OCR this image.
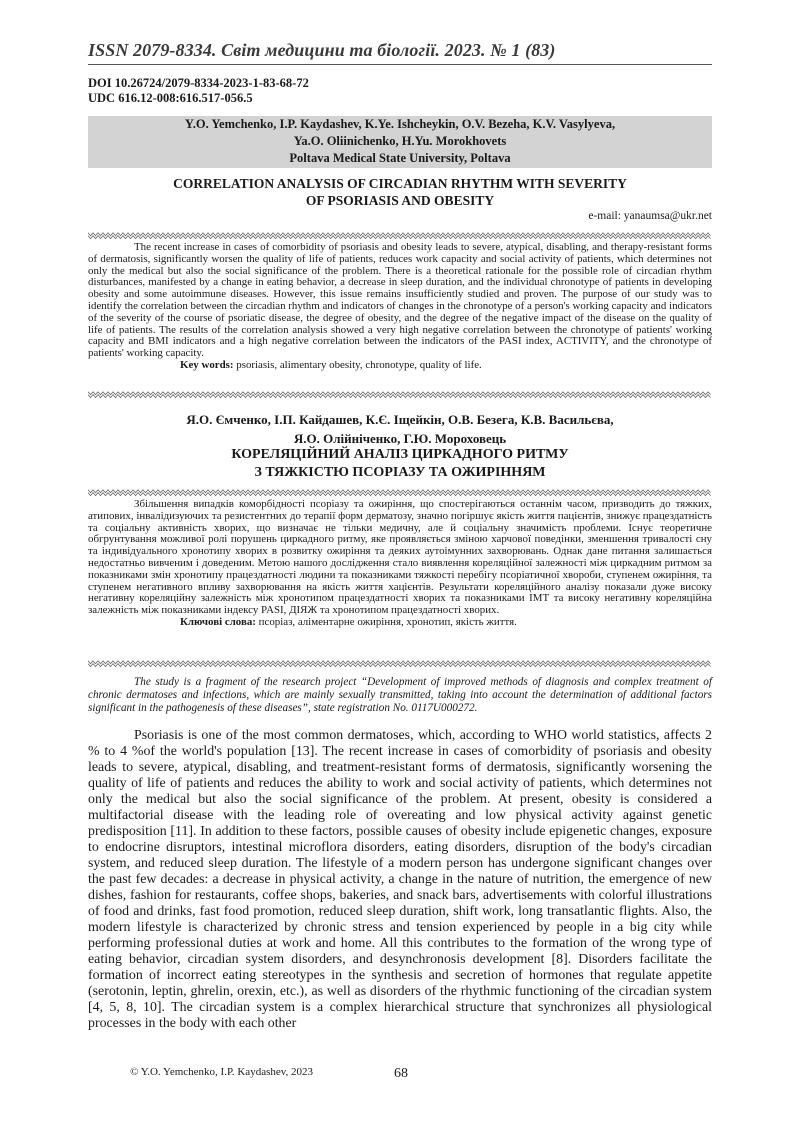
ISSN 2079-8334. Світ медицини та біології. 2023. № 1 (83)
DOI 10.26724/2079-8334-2023-1-83-68-72
UDC 616.12-008:616.517-056.5
Y.O. Yemchenko, I.P. Kaydashev, K.Ye. Ishcheykin, O.V. Bezeha, K.V. Vasylyeva,
Ya.O. Oliinichenko, H.Yu. Morokhovets
Poltava Medical State University, Poltava
CORRELATION ANALYSIS OF CIRCADIAN RHYTHM WITH SEVERITY
OF PSORIASIS AND OBESITY
e-mail: yanaumsa@ukr.net

The recent increase in cases of comorbidity of psoriasis and obesity leads to severe, atypical, disabling, and therapy-resistant forms of dermatosis, significantly worsen the quality of life of patients, reduces work capacity and social activity of patients, which determines not only the medical but also the social significance of the problem. There is a theoretical rationale for the possible role of circadian rhythm disturbances, manifested by a change in eating behavior, a decrease in sleep duration, and the individual chronotype of patients in developing obesity and some autoimmune diseases. However, this issue remains insufficiently studied and proven. The purpose of our study was to identify the correlation between the circadian rhythm and indicators of changes in the chronotype of a person's working capacity and indicators of the severity of the course of psoriatic disease, the degree of obesity, and the degree of the negative impact of the disease on the quality of life of patients. The results of the correlation analysis showed a very high negative correlation between the chronotype of patients' working capacity and BMI indicators and a high negative correlation between the indicators of the PASI index, ACTIVITY, and the chronotype of patients' working capacity.

Key words: psoriasis, alimentary obesity, chronotype, quality of life.

Я.О. Ємченко, І.П. Кайдашев, К.Є. Іщейкін, О.В. Безега, К.В. Васильєва,
Я.О. Олійніченко, Г.Ю. Мороховець
КОРЕЛЯЦІЙНИЙ АНАЛІЗ ЦИРКАДНОГО РИТМУ
З ТЯЖКІСТЮ ПСОРІАЗУ ТА ОЖИРІННЯМ

Збільшення випадків коморбідності псоріазу та ожиріння, що спостерігаються останнім часом, призводить до тяжких, атипових, інвалідизуючих та резистентних до терапії форм дерматозу, значно погіршує якість життя пацієнтів, знижує працездатність та соціальну активність хворих, що визначає не тільки медичну, але й соціальну значимість проблеми. Існує теоретичне обгрунтування можливої ролі порушень циркадного ритму, яке проявляється зміною харчової поведінки, зменшення тривалості сну та індивідуального хронотипу хворих в розвитку ожиріння та деяких аутоімунних захворювань. Однак дане питання залишається недостатньо вивченим і доведеним. Метою нашого дослідження стало виявлення кореляційної залежності між циркадним ритмом за показниками змін хронотипу працездатності людини та показниками тяжкості перебігу псоріатичної хвороби, ступенем ожиріння, та ступенем негативного впливу захворювання на якість життя хацієнтів. Результати кореляційного аналізу показали дуже високу негативну кореляційну залежність між хронотипом працездатності хворих та показниками ІМТ та високу негативну кореляційна залежність між показниками індексу PASI, ДІЯЖ та хронотипом працездатності хворих.

Ключові слова: псоріаз, аліментарне ожиріння, хронотип, якість життя.

The study is a fragment of the research project “Development of improved methods of diagnosis and complex treatment of chronic dermatoses and infections, which are mainly sexually transmitted, taking into account the determination of additional factors significant in the pathogenesis of these diseases”, state registration No. 0117U000272.

Psoriasis is one of the most common dermatoses, which, according to WHO world statistics, affects 2 % to 4 %of the world's population [13]. The recent increase in cases of comorbidity of psoriasis and obesity leads to severe, atypical, disabling, and treatment-resistant forms of dermatosis, significantly worsening the quality of life of patients and reduces the ability to work and social activity of patients, which determines not only the medical but also the social significance of the problem. At present, obesity is considered a multifactorial disease with the leading role of overeating and low physical activity against genetic predisposition [11]. In addition to these factors, possible causes of obesity include epigenetic changes, exposure to endocrine disruptors, intestinal microflora disorders, eating disorders, disruption of the body's circadian system, and reduced sleep duration. The lifestyle of a modern person has undergone significant changes over the past few decades: a decrease in physical activity, a change in the nature of nutrition, the emergence of new dishes, fashion for restaurants, coffee shops, bakeries, and snack bars, advertisements with colorful illustrations of food and drinks, fast food promotion, reduced sleep duration, shift work, long transatlantic flights. Also, the modern lifestyle is characterized by chronic stress and tension experienced by people in a big city while performing professional duties at work and home. All this contributes to the formation of the wrong type of eating behavior, circadian system disorders, and desynchronosis development [8]. Disorders facilitate the formation of incorrect eating stereotypes in the synthesis and secretion of hormones that regulate appetite (serotonin, leptin, ghrelin, orexin, etc.), as well as disorders of the rhythmic functioning of the circadian system [4, 5, 8, 10]. The circadian system is a complex hierarchical structure that synchronizes all physiological processes in the body with each other

© Y.O. Yemchenko, I.P. Kaydashev, 2023	68
